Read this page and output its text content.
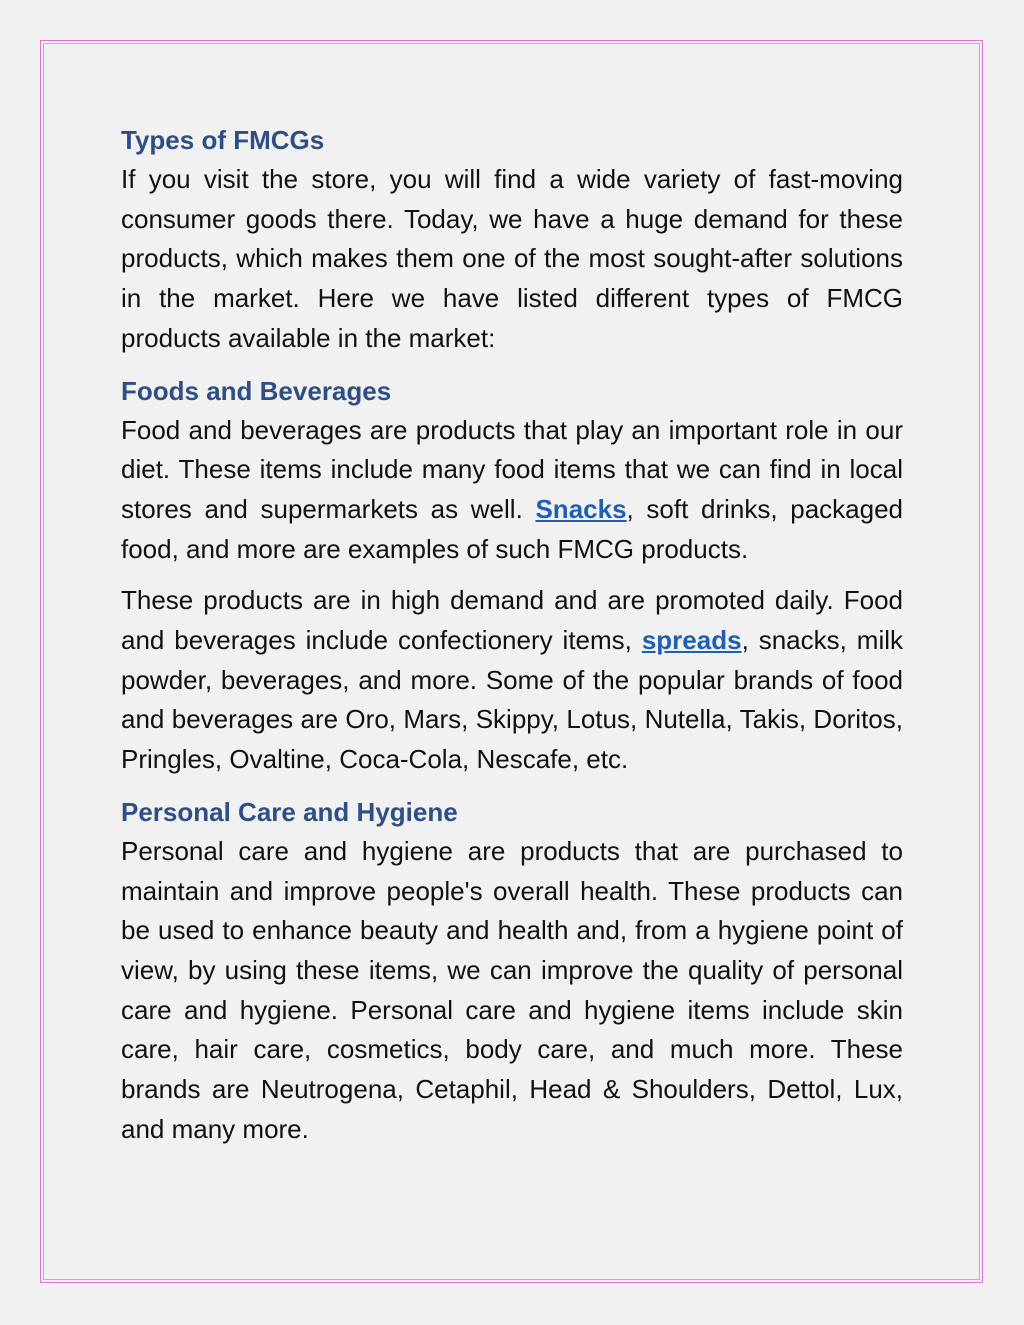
Types of FMCGs

If you visit the store, you will find a wide variety of fast-moving consumer goods there. Today, we have a huge demand for these products, which makes them one of the most sought-after solutions in the market. Here we have listed different types of FMCG products available in the market:

Foods and Beverages

Food and beverages are products that play an important role in our diet. These items include many food items that we can find in local stores and supermarkets as well. Snacks, soft drinks, packaged food, and more are examples of such FMCG products.

These products are in high demand and are promoted daily. Food and beverages include confectionery items, spreads, snacks, milk powder, beverages, and more. Some of the popular brands of food and beverages are Oro, Mars, Skippy, Lotus, Nutella, Takis, Doritos, Pringles, Ovaltine, Coca-Cola, Nescafe, etc.

Personal Care and Hygiene

Personal care and hygiene are products that are purchased to maintain and improve people's overall health. These products can be used to enhance beauty and health and, from a hygiene point of view, by using these items, we can improve the quality of personal care and hygiene. Personal care and hygiene items include skin care, hair care, cosmetics, body care, and much more. These brands are Neutrogena, Cetaphil, Head & Shoulders, Dettol, Lux, and many more.
